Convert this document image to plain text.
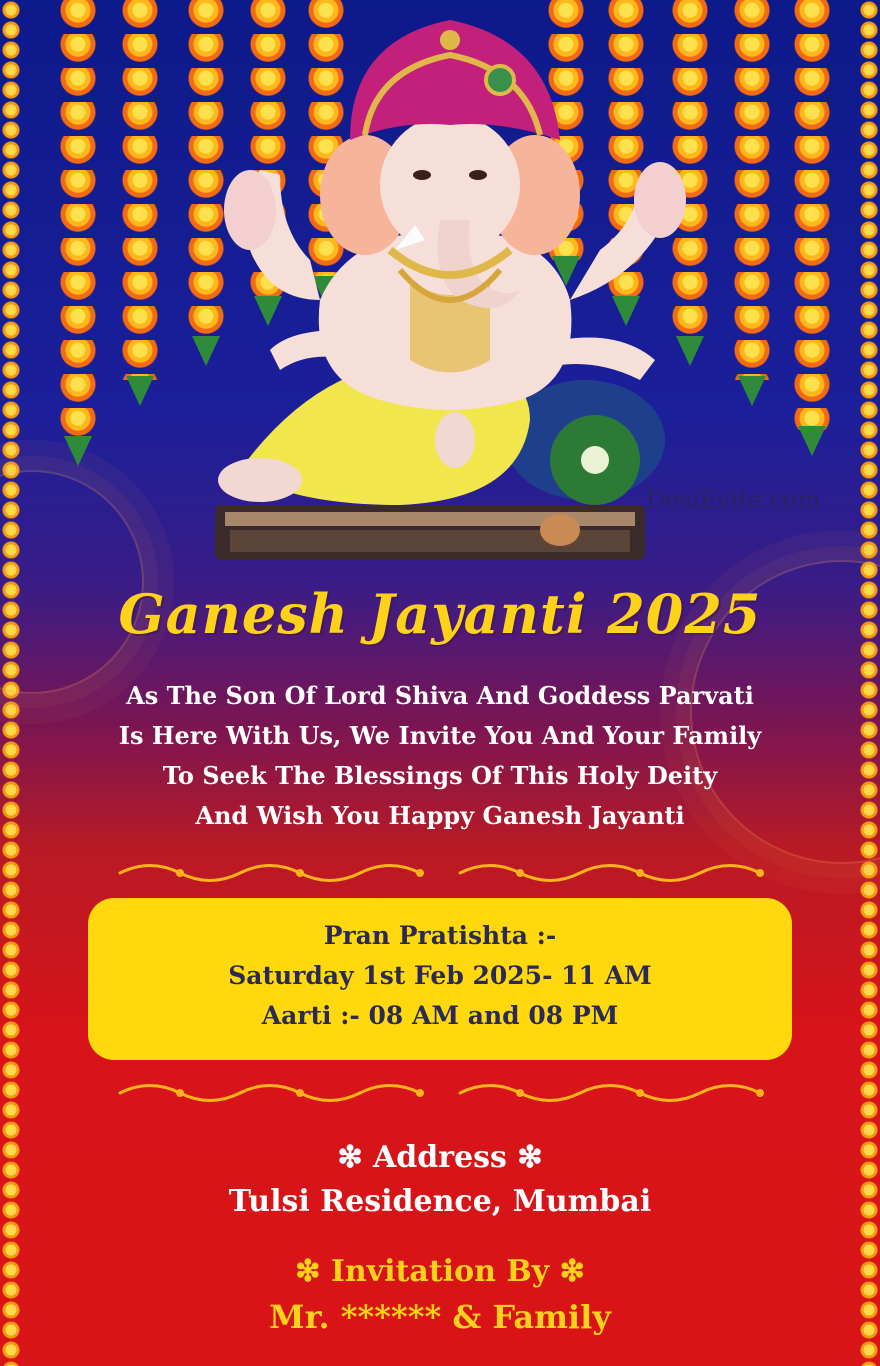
DesiEvite.com
Ganesh Jayanti 2025
As The Son Of Lord Shiva And Goddess Parvati
Is Here With Us, We Invite You And Your Family
To Seek The Blessings Of This Holy Deity
And Wish You Happy Ganesh Jayanti
Pran Pratishta :-
Saturday 1st Feb 2025- 11 AM
Aarti :- 08 AM and 08 PM
❇ Address ❇
Tulsi Residence, Mumbai
❇ Invitation By ❇
Mr. ****** & Family
